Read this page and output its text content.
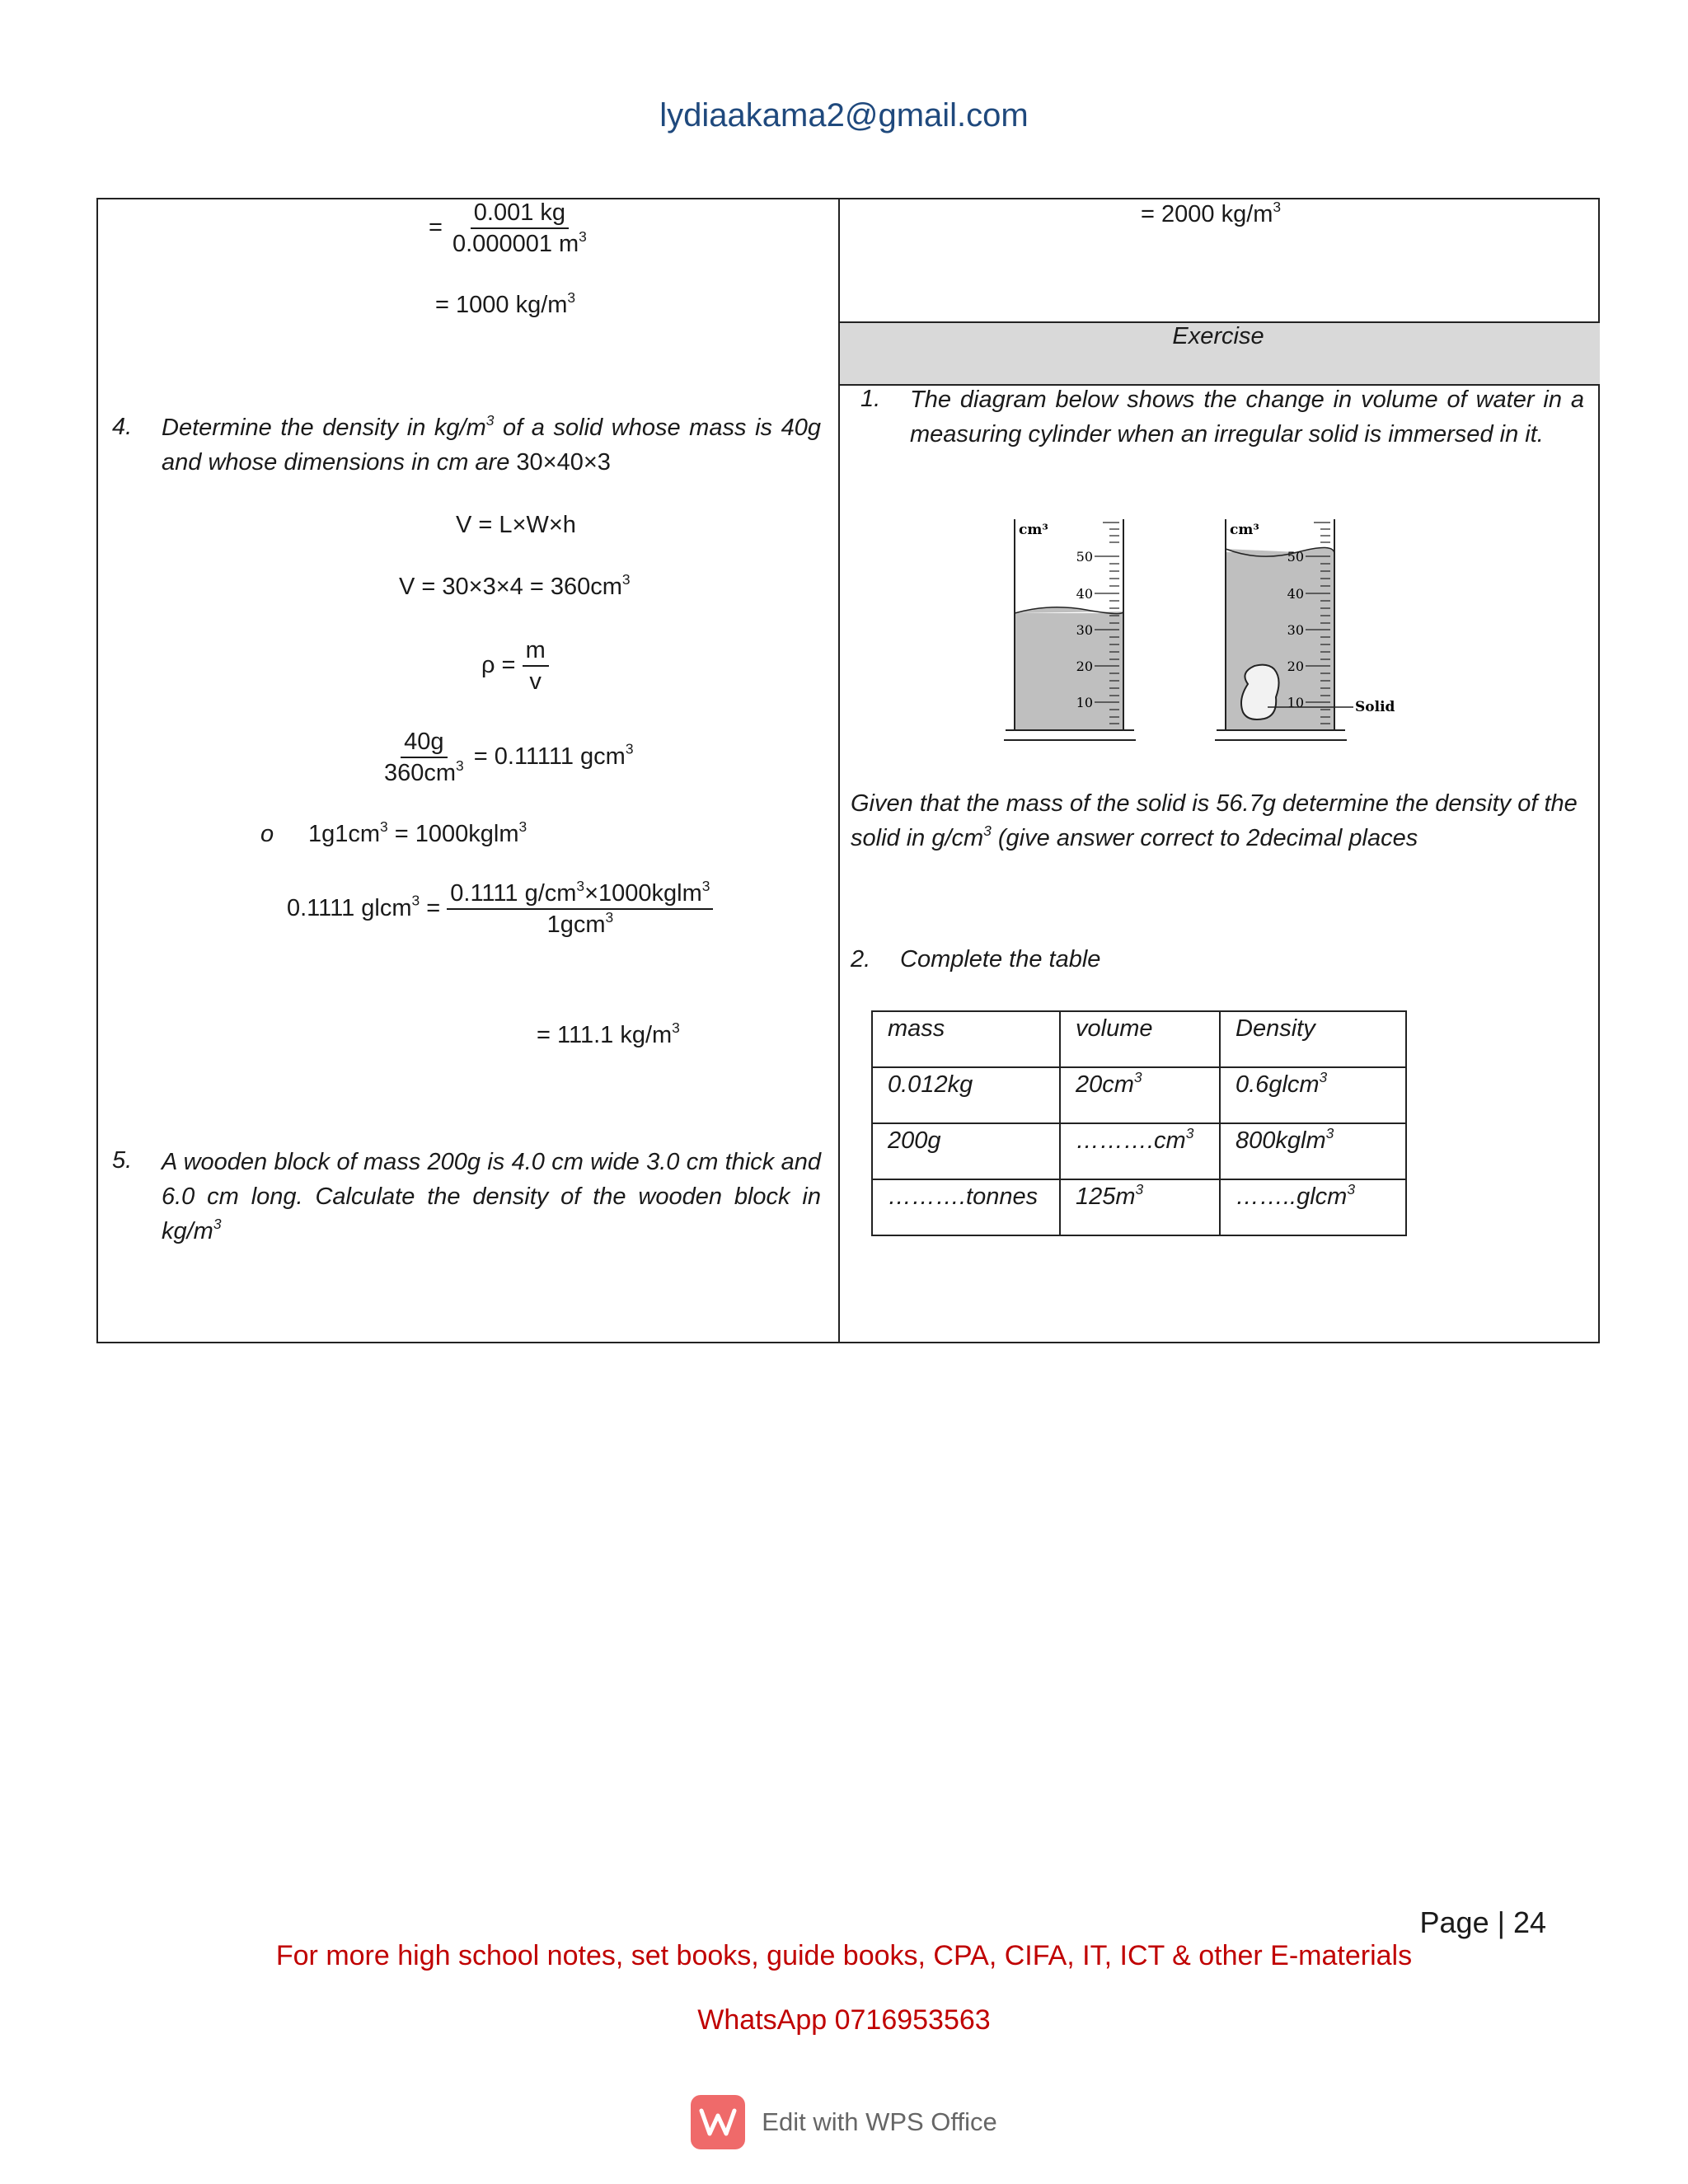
lydiaakama2@gmail.com
= $\frac{0.001 kg}{0.000001 m^3}$
= 1000 $kg/m^3$
4. Determine the density in $kg/m^3$ of a solid whose mass is 40g and whose dimensions in cm are 30×40×3
V = L×W×h
$V = 30\times 3\times 4 = 360cm^3$
$\rho = \frac{m}{v}$
$\frac{40g}{360cm^3} = 0.11111$ gcm$^3$
o $1g1cm^3$ = 1000kglm$^3$
0.1111 glcm$^3$ = $\frac{0.1111 g/cm^3\times 1000kglm^3}{1gcm^3}$
= 111.1 $kg/m^3$
5. A wooden block of mass 200g is 4.0 cm wide 3.0 cm thick and 6.0 cm long. Calculate the density of the wooden block in $kg/m^3$
= 2000 $kg/m^3$
Exercise
1. The diagram below shows the change in volume of water in a measuring cylinder when an irregular solid is immersed in it.
cm³
50
40
30
20
10
cm³
50
40
30
20
10	Solid
Given that the mass of the solid is 56.7g determine the density of the solid in $g/cm^3$ (give answer correct to 2decimal places
2. Complete the table
mass	volume	Density
0.012kg	$20cm^3$	0.6glcm$^3$
200g	$\dots\dots\dots.cm^3$	800kglm$^3$
……….tonnes	$125m^3$	……..glcm$^3$
Page | 24
For more high school notes, set books, guide books, CPA, CIFA, IT, ICT & other E-materials
WhatsApp 0716953563
Edit with WPS Office
